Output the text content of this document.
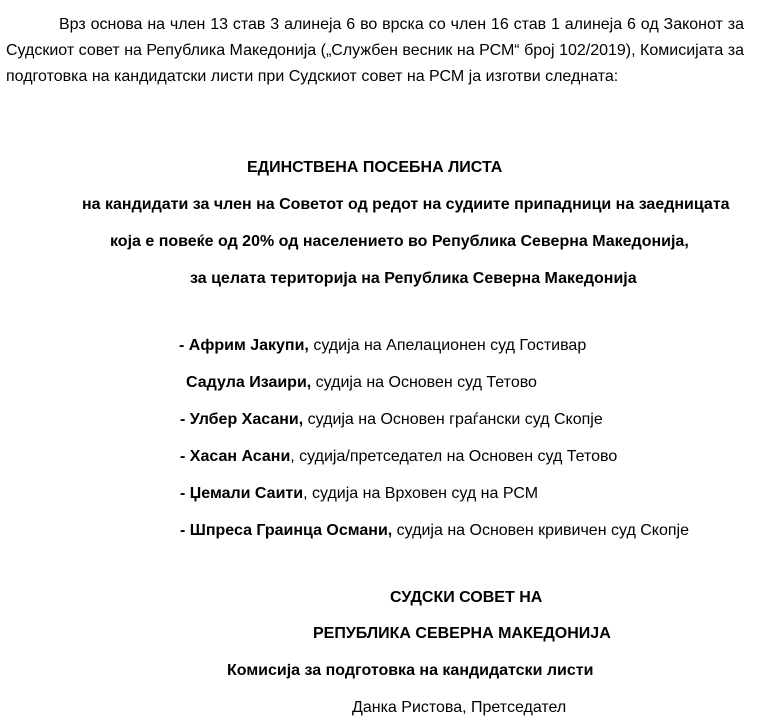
Врз основа на член 13 став 3 алинеја 6 во врска со член 16 став 1 алинеја 6 од Законот за Судскиот совет на Република Македонија („Службен весник на РСМ“ број 102/2019), Комисијата за подготовка на кандидатски листи при Судскиот совет на РСМ ја изготви следната:

ЕДИНСТВЕНА ПОСЕБНА ЛИСТА
на кандидати за член на Советот од редот на судиите припадници на заедницата
која е повеќе од 20% од населението во Република Северна Македонија,
за целата територија на Република Северна Македонија
- Африм Јакупи, судија на Апелационен суд Гостивар
Садула Изаири, судија на Основен суд Тетово
- Улбер Хасани, судија на Основен граѓански суд Скопје
- Хасан Асани, судија/претседател на Основен суд Тетово
- Џемали Саити, судија на Врховен суд на РСМ
- Шпреса Граинца Османи, судија на Основен кривичен суд Скопје
СУДСКИ СОВЕТ НА
РЕПУБЛИКА СЕВЕРНА МАКЕДОНИЈА
Комисија за подготовка на кандидатски листи
Данка Ристова, Претседател
